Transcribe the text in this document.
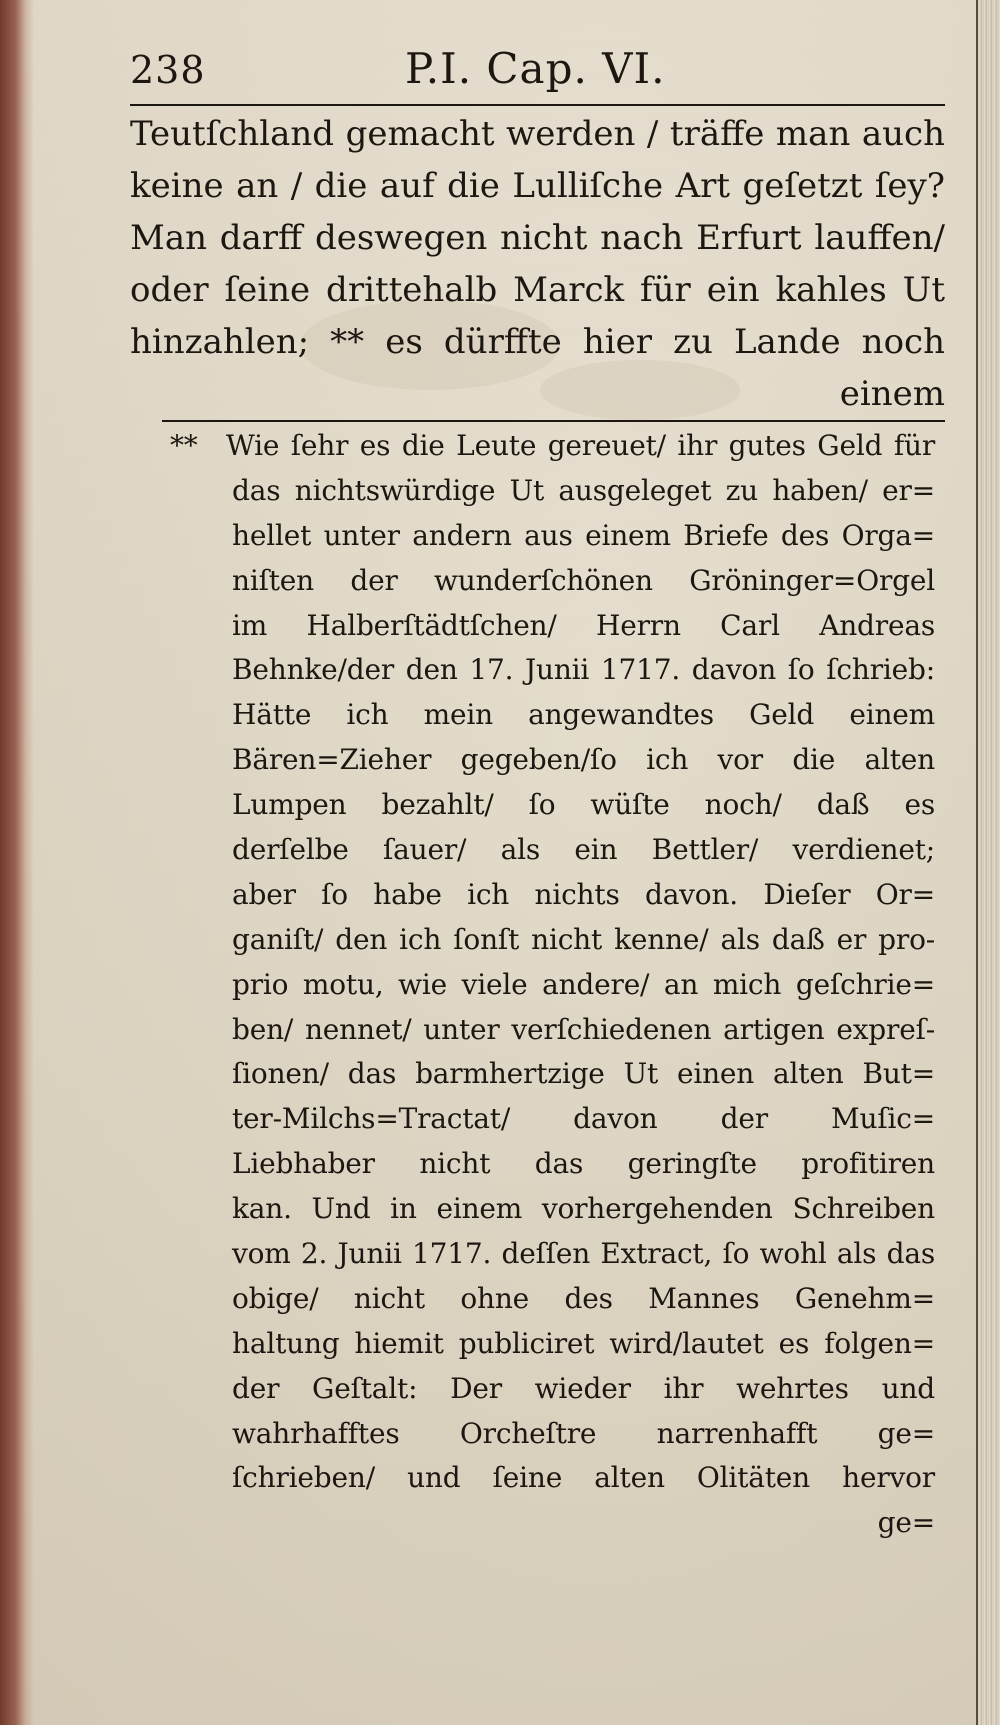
238	P.I. Cap. VI.
Teutſchland gemacht werden / träffe man auch
keine an / die auf die Lulliſche Art geſetzt ſey?
Man darff deswegen nicht nach Erfurt lauffen/
oder ſeine drittehalb Marck für ein kahles Ut
hinzahlen; ** es dürffte hier zu Lande noch
einem
** Wie ſehr es die Leute gereuet/ ihr gutes Geld für
das nichtswürdige Ut ausgeleget zu haben/ er=
hellet unter andern aus einem Briefe des Orga=
niſten der wunderſchönen Gröninger=Orgel
im Halberſtädtſchen/ Herrn Carl Andreas
Behnke/der den 17. Junii 1717. davon ſo ſchrieb:
Hätte ich mein angewandtes Geld einem
Bären=Zieher gegeben/ſo ich vor die alten
Lumpen bezahlt/ ſo wüſte noch/ daß es
derſelbe ſauer/ als ein Bettler/ verdienet;
aber ſo habe ich nichts davon. Dieſer Or=
ganiſt/ den ich ſonſt nicht kenne/ als daß er pro-
prio motu, wie viele andere/ an mich geſchrie=
ben/ nennet/ unter verſchiedenen artigen expreſ-
ſionen/ das barmhertzige Ut einen alten But=
ter-Milchs=Tractat/ davon der Muſic=
Liebhaber nicht das geringſte profitiren
kan. Und in einem vorhergehenden Schreiben
vom 2. Junii 1717. deſſen Extract, ſo wohl als das
obige/ nicht ohne des Mannes Genehm=
haltung hiemit publiciret wird/lautet es folgen=
der Geſtalt: Der wieder ihr wehrtes und
wahrhafftes Orcheſtre narrenhafft ge=
ſchrieben/ und ſeine alten Olitäten hervor
ge=
